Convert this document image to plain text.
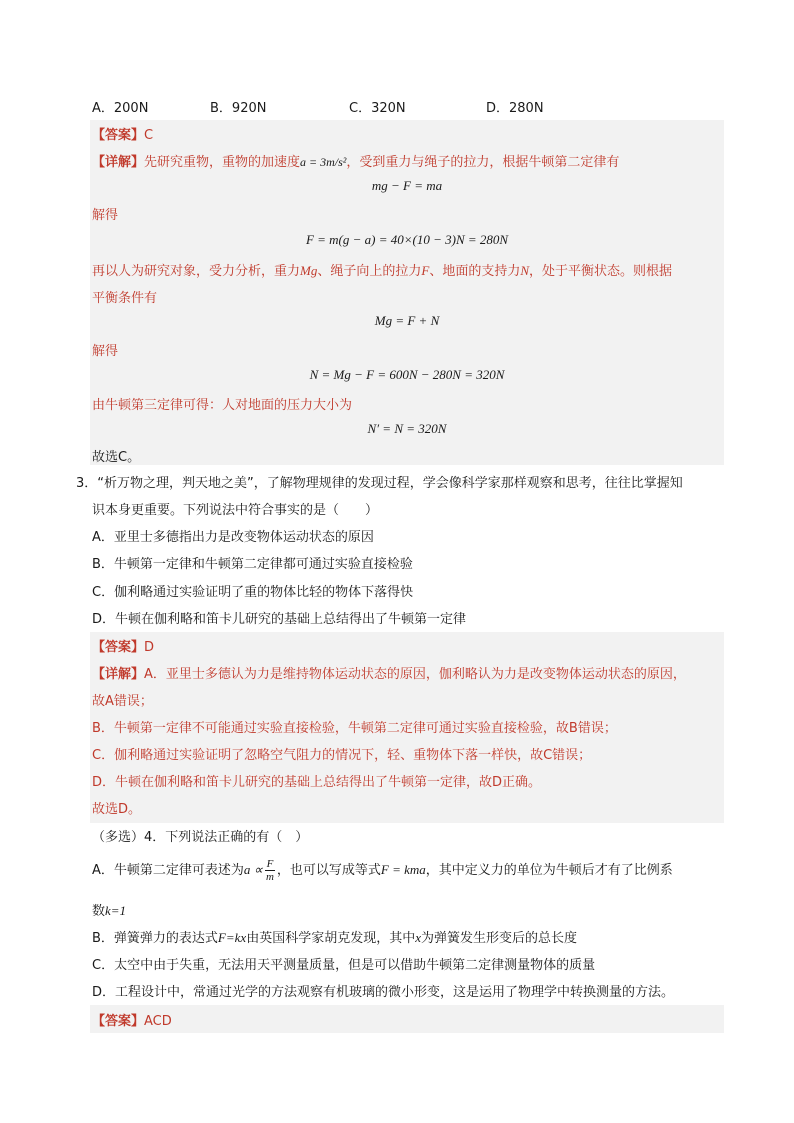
A．200N	B．920N	C．320N	D．280N
【答案】C
【详解】先研究重物，重物的加速度a = 3m/s²，受到重力与绳子的拉力，根据牛顿第二定律有
mg − F = ma
解得
F = m(g − a) = 40×(10 − 3)N = 280N
再以人为研究对象，受力分析，重力Mg、绳子向上的拉力F、地面的支持力N，处于平衡状态。则根据
平衡条件有
Mg = F + N
解得
N = Mg − F = 600N − 280N = 320N
由牛顿第三定律可得：人对地面的压力大小为
N′ = N = 320N
故选C。
3．“析万物之理，判天地之美”，了解物理规律的发现过程，学会像科学家那样观察和思考，往往比掌握知
识本身更重要。下列说法中符合事实的是（　　）
A．亚里士多德指出力是改变物体运动状态的原因
B．牛顿第一定律和牛顿第二定律都可通过实验直接检验
C．伽利略通过实验证明了重的物体比轻的物体下落得快
D．牛顿在伽利略和笛卡儿研究的基础上总结得出了牛顿第一定律
【答案】D
【详解】A．亚里士多德认为力是维持物体运动状态的原因，伽利略认为力是改变物体运动状态的原因，
故A错误；
B．牛顿第一定律不可能通过实验直接检验，牛顿第二定律可通过实验直接检验，故B错误；
C．伽利略通过实验证明了忽略空气阻力的情况下，轻、重物体下落一样快，故C错误；
D．牛顿在伽利略和笛卡儿研究的基础上总结得出了牛顿第一定律，故D正确。
故选D。
（多选）4．下列说法正确的有（　）
A．牛顿第二定律可表述为$a \propto \frac{F}{m}$ ，也可以写成等式F = kma，其中定义力的单位为牛顿后才有了比例系
数k=1
B．弹簧弹力的表达式F=kx由英国科学家胡克发现，其中x为弹簧发生形变后的总长度
C．太空中由于失重，无法用天平测量质量，但是可以借助牛顿第二定律测量物体的质量
D．工程设计中，常通过光学的方法观察有机玻璃的微小形变，这是运用了物理学中转换测量的方法。
【答案】ACD
